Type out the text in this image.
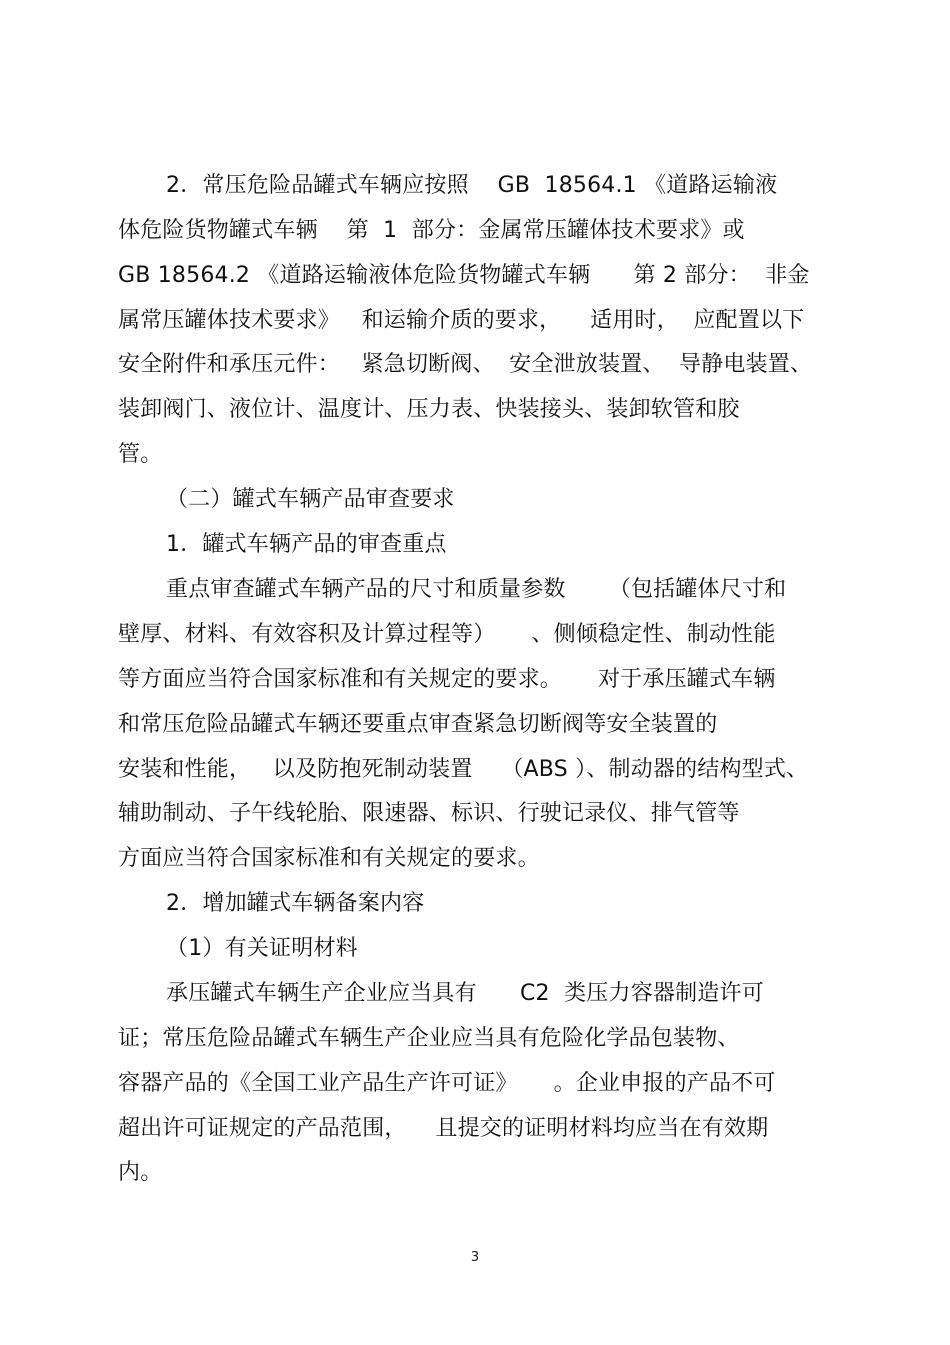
2．常压危险品罐式车辆应按照    GB  18564.1 《道路运输液
体危险货物罐式车辆    第  1  部分：金属常压罐体技术要求》或
GB 18564.2 《道路运输液体危险货物罐式车辆      第 2 部分：  非金
属常压罐体技术要求》   和运输介质的要求，    适用时，  应配置以下
安全附件和承压元件：   紧急切断阀、  安全泄放装置、  导静电装置、
装卸阀门、液位计、温度计、压力表、快装接头、装卸软管和胶
管。
（二）罐式车辆产品审查要求
1．罐式车辆产品的审查重点
重点审查罐式车辆产品的尺寸和质量参数      （包括罐体尺寸和
壁厚、材料、有效容积及计算过程等）     、侧倾稳定性、制动性能
等方面应当符合国家标准和有关规定的要求。     对于承压罐式车辆
和常压危险品罐式车辆还要重点审查紧急切断阀等安全装置的
安装和性能，   以及防抱死制动装置    （ABS ）、制动器的结构型式、
辅助制动、子午线轮胎、限速器、标识、行驶记录仪、排气管等
方面应当符合国家标准和有关规定的要求。
2．增加罐式车辆备案内容
（1）有关证明材料
承压罐式车辆生产企业应当具有      C2  类压力容器制造许可
证；常压危险品罐式车辆生产企业应当具有危险化学品包装物、
容器产品的《全国工业产品生产许可证》     。企业申报的产品不可
超出许可证规定的产品范围，    且提交的证明材料均应当在有效期
内。
3
